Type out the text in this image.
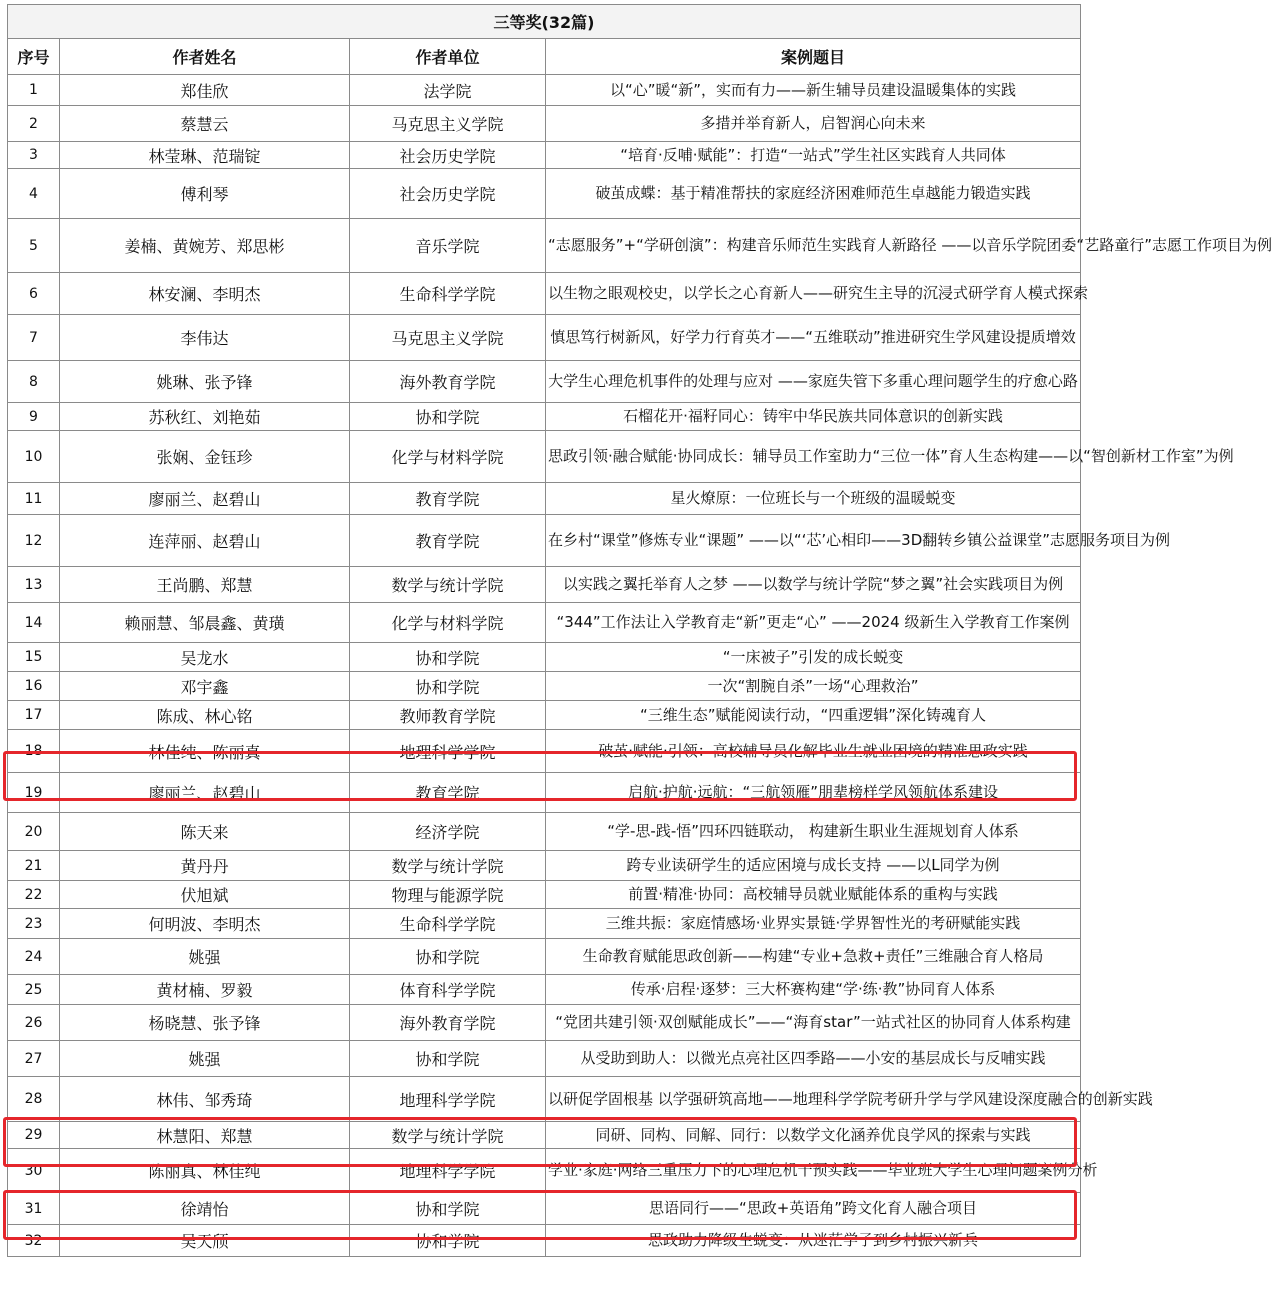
三等奖(32篇)			
序号	作者姓名	作者单位	案例题目
1	郑佳欣	法学院	以“心”暖“新”，实而有力——新生辅导员建设温暖集体的实践
2	蔡慧云	马克思主义学院	多措并举育新人，启智润心向未来
3	林莹琳、范瑞锭	社会历史学院	“培育·反哺·赋能”：打造“一站式”学生社区实践育人共同体
4	傅利琴	社会历史学院	破茧成蝶：基于精准帮扶的家庭经济困难师范生卓越能力锻造实践
5	姜楠、黄婉芳、郑思彬	音乐学院	“志愿服务”+“学研创演”：构建音乐师范生实践育人新路径 ——以音乐学院团委“艺路童行”志愿工作项目为例
6	林安澜、李明杰	生命科学学院	以生物之眼观校史，以学长之心育新人——研究生主导的沉浸式研学育人模式探索
7	李伟达	马克思主义学院	慎思笃行树新风，好学力行育英才——“五维联动”推进研究生学风建设提质增效
8	姚琳、张予锋	海外教育学院	大学生心理危机事件的处理与应对 ——家庭失管下多重心理问题学生的疗愈心路
9	苏秋红、刘艳茹	协和学院	石榴花开·福籽同心：铸牢中华民族共同体意识的创新实践
10	张娴、金钰珍	化学与材料学院	思政引领·融合赋能·协同成长：辅导员工作室助力“三位一体”育人生态构建——以“智创新材工作室”为例
11	廖丽兰、赵碧山	教育学院	星火燎原：一位班长与一个班级的温暖蜕变
12	连萍丽、赵碧山	教育学院	在乡村“课堂”修炼专业“课题” ——以“‘芯’心相印——3D翻转乡镇公益课堂”志愿服务项目为例
13	王尚鹏、郑慧	数学与统计学院	以实践之翼托举育人之梦 ——以数学与统计学院“梦之翼”社会实践项目为例
14	赖丽慧、邹晨鑫、黄璜	化学与材料学院	“344”工作法让入学教育走“新”更走“心” ——2024 级新生入学教育工作案例
15	吴龙水	协和学院	“一床被子”引发的成长蜕变
16	邓宇鑫	协和学院	一次“割腕自杀”一场“心理救治”
17	陈成、林心铭	教师教育学院	“三维生态”赋能阅读行动，“四重逻辑”深化铸魂育人
18	林佳纯、陈丽真	地理科学学院	破茧·赋能·引领：高校辅导员化解毕业生就业困境的精准思政实践
19	廖丽兰、赵碧山	教育学院	启航·护航·远航：“三航领雁”朋辈榜样学风领航体系建设
20	陈天来	经济学院	“学-思-践-悟”四环四链联动， 构建新生职业生涯规划育人体系
21	黄丹丹	数学与统计学院	跨专业读研学生的适应困境与成长支持 ——以L同学为例
22	伏旭斌	物理与能源学院	前置·精准·协同：高校辅导员就业赋能体系的重构与实践
23	何明波、李明杰	生命科学学院	三维共振：家庭情感场·业界实景链·学界智性光的考研赋能实践
24	姚强	协和学院	生命教育赋能思政创新——构建“专业+急救+责任”三维融合育人格局
25	黄材楠、罗毅	体育科学学院	传承·启程·逐梦：三大杯赛构建“学·练·教”协同育人体系
26	杨晓慧、张予锋	海外教育学院	“党团共建引领·双创赋能成长”——“海育star”一站式社区的协同育人体系构建
27	姚强	协和学院	从受助到助人：以微光点亮社区四季路——小安的基层成长与反哺实践
28	林伟、邹秀琦	地理科学学院	以研促学固根基 以学强研筑高地——地理科学学院考研升学与学风建设深度融合的创新实践
29	林慧阳、郑慧	数学与统计学院	同研、同构、同解、同行：以数学文化涵养优良学风的探索与实践
30	陈丽真、林佳纯	地理科学学院	学业·家庭·网络三重压力下的心理危机干预实践——毕业班大学生心理问题案例分析
31	徐靖怡	协和学院	思语同行——“思政+英语角”跨文化育人融合项目
32	吴天颀	协和学院	思政助力降级生蜕变：从迷茫学子到乡村振兴新兵
